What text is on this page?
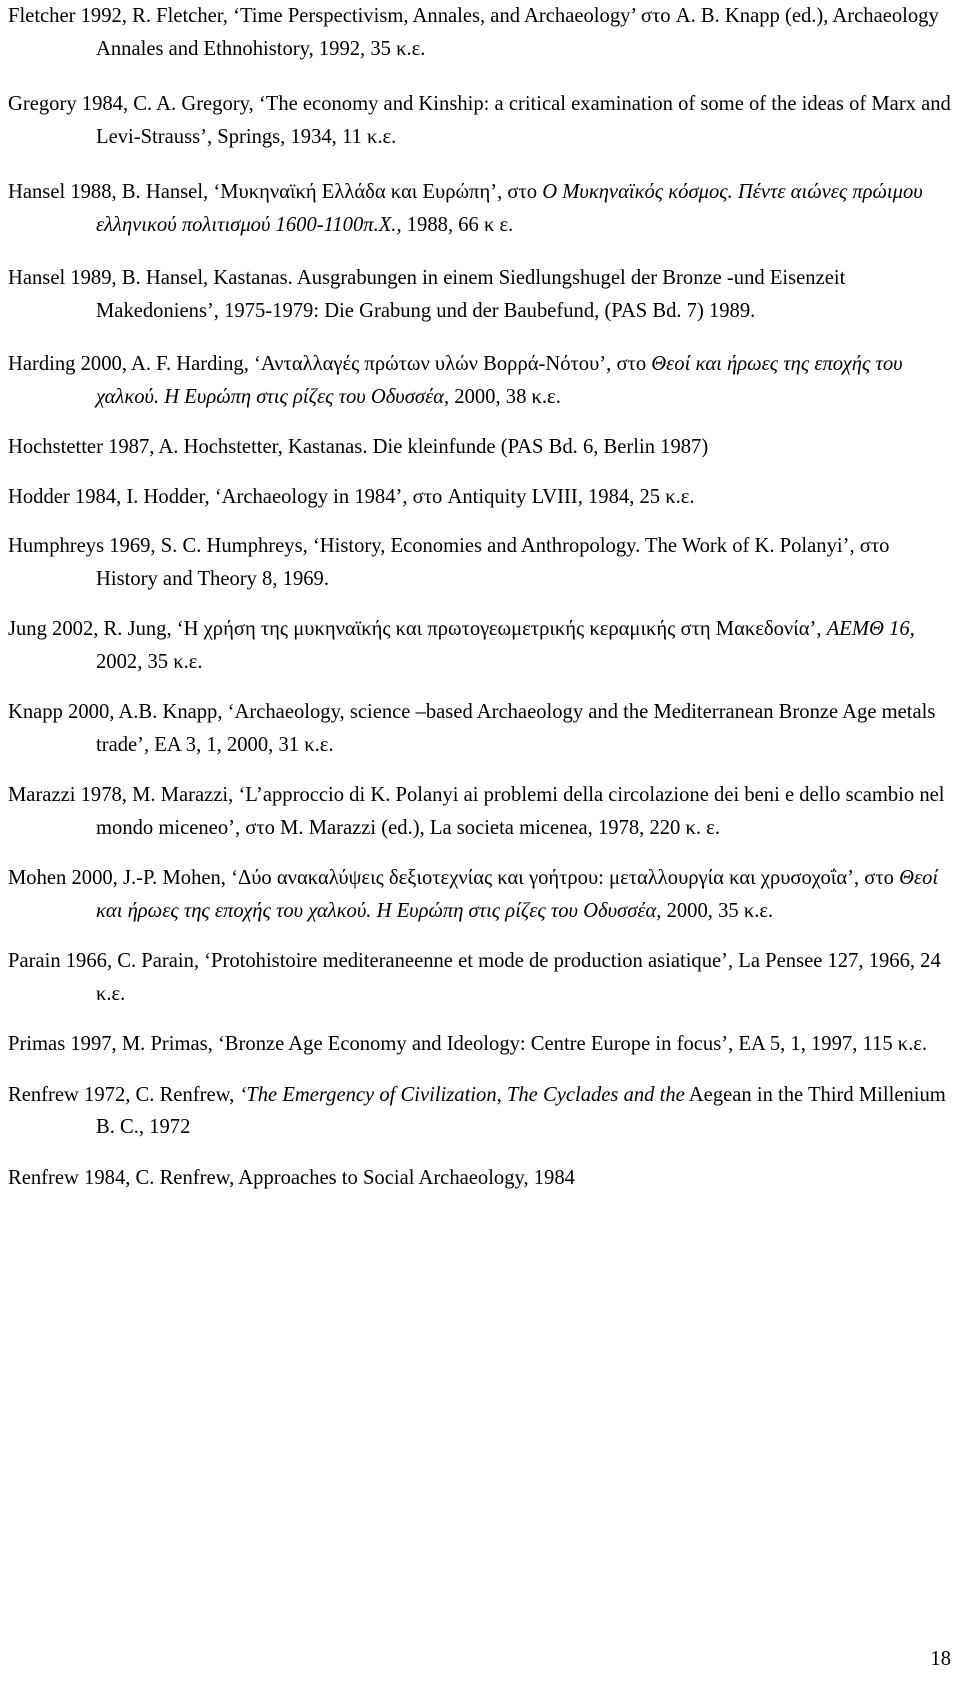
Fletcher 1992, R. Fletcher, ‘Time Perspectivism, Annales, and Archaeology’ στο A. B. Knapp (ed.), Archaeology Annales and Ethnohistory, 1992, 35 κ.ε.

Gregory 1984, C. A. Gregory, ‘The economy and Kinship: a critical examination of some of the ideas of Marx and Levi-Strauss’, Springs, 1934, 11 κ.ε.

Hansel 1988, B. Hansel, ‘Μυκηναϊκή Ελλάδα και Ευρώπη’, στο Ο Μυκηναϊκός κόσμος. Πέντε αιώνες πρώιμου ελληνικού πολιτισμού 1600-1100π.Χ., 1988, 66 κ ε.

Hansel 1989, B. Hansel, Kastanas. Ausgrabungen in einem Siedlungshugel der Bronze -und Eisenzeit Makedoniens’, 1975-1979: Die Grabung und der Baubefund, (PAS Bd. 7) 1989.

Harding 2000, A. F. Harding, ‘Ανταλλαγές πρώτων υλών Βορρά-Νότου’, στο Θεοί και ήρωες της εποχής του χαλκού. Η Ευρώπη στις ρίζες του Οδυσσέα, 2000, 38 κ.ε.

Hochstetter 1987, A. Hochstetter, Kastanas. Die kleinfunde (PAS Bd. 6, Berlin 1987)

Hodder 1984, I. Hodder, ‘Archaeology in 1984’, στο Antiquity LVIII, 1984, 25 κ.ε.

Humphreys 1969, S. C. Humphreys, ‘History, Economies and Anthropology. The Work of K. Polanyi’, στο History and Theory 8, 1969.

Jung 2002, R. Jung, ‘Η χρήση της μυκηναϊκής και πρωτογεωμετρικής κεραμικής στη Μακεδονία’, ΑΕΜΘ 16, 2002, 35 κ.ε.

Knapp 2000, A.B. Knapp, ‘Archaeology, science –based Archaeology and the Mediterranean Bronze Age metals trade’, EA 3, 1, 2000, 31 κ.ε.

Marazzi 1978, M. Marazzi, ‘L’approccio di K. Polanyi ai problemi della circolazione dei beni e dello scambio nel mondo miceneo’, στο M. Marazzi (ed.), La societa micenea, 1978, 220 κ. ε.

Mohen 2000, J.-P. Mohen, ‘Δύο ανακαλύψεις δεξιοτεχνίας και γοήτρου: μεταλλουργία και χρυσοχοΐα’, στο Θεοί και ήρωες της εποχής του χαλκού. Η Ευρώπη στις ρίζες του Οδυσσέα, 2000, 35 κ.ε.

Parain 1966, C. Parain, ‘Protohistoire mediteraneenne et mode de production asiatique’, La Pensee 127, 1966, 24 κ.ε.

Primas 1997, M. Primas, ‘Bronze Age Economy and Ideology: Centre Europe in focus’, EA 5, 1, 1997, 115 κ.ε.

Renfrew 1972, C. Renfrew, ‘The Emergency of Civilization, The Cyclades and the Aegean in the Third Millenium B. C., 1972

Renfrew 1984, C. Renfrew, Approaches to Social Archaeology, 1984

18
